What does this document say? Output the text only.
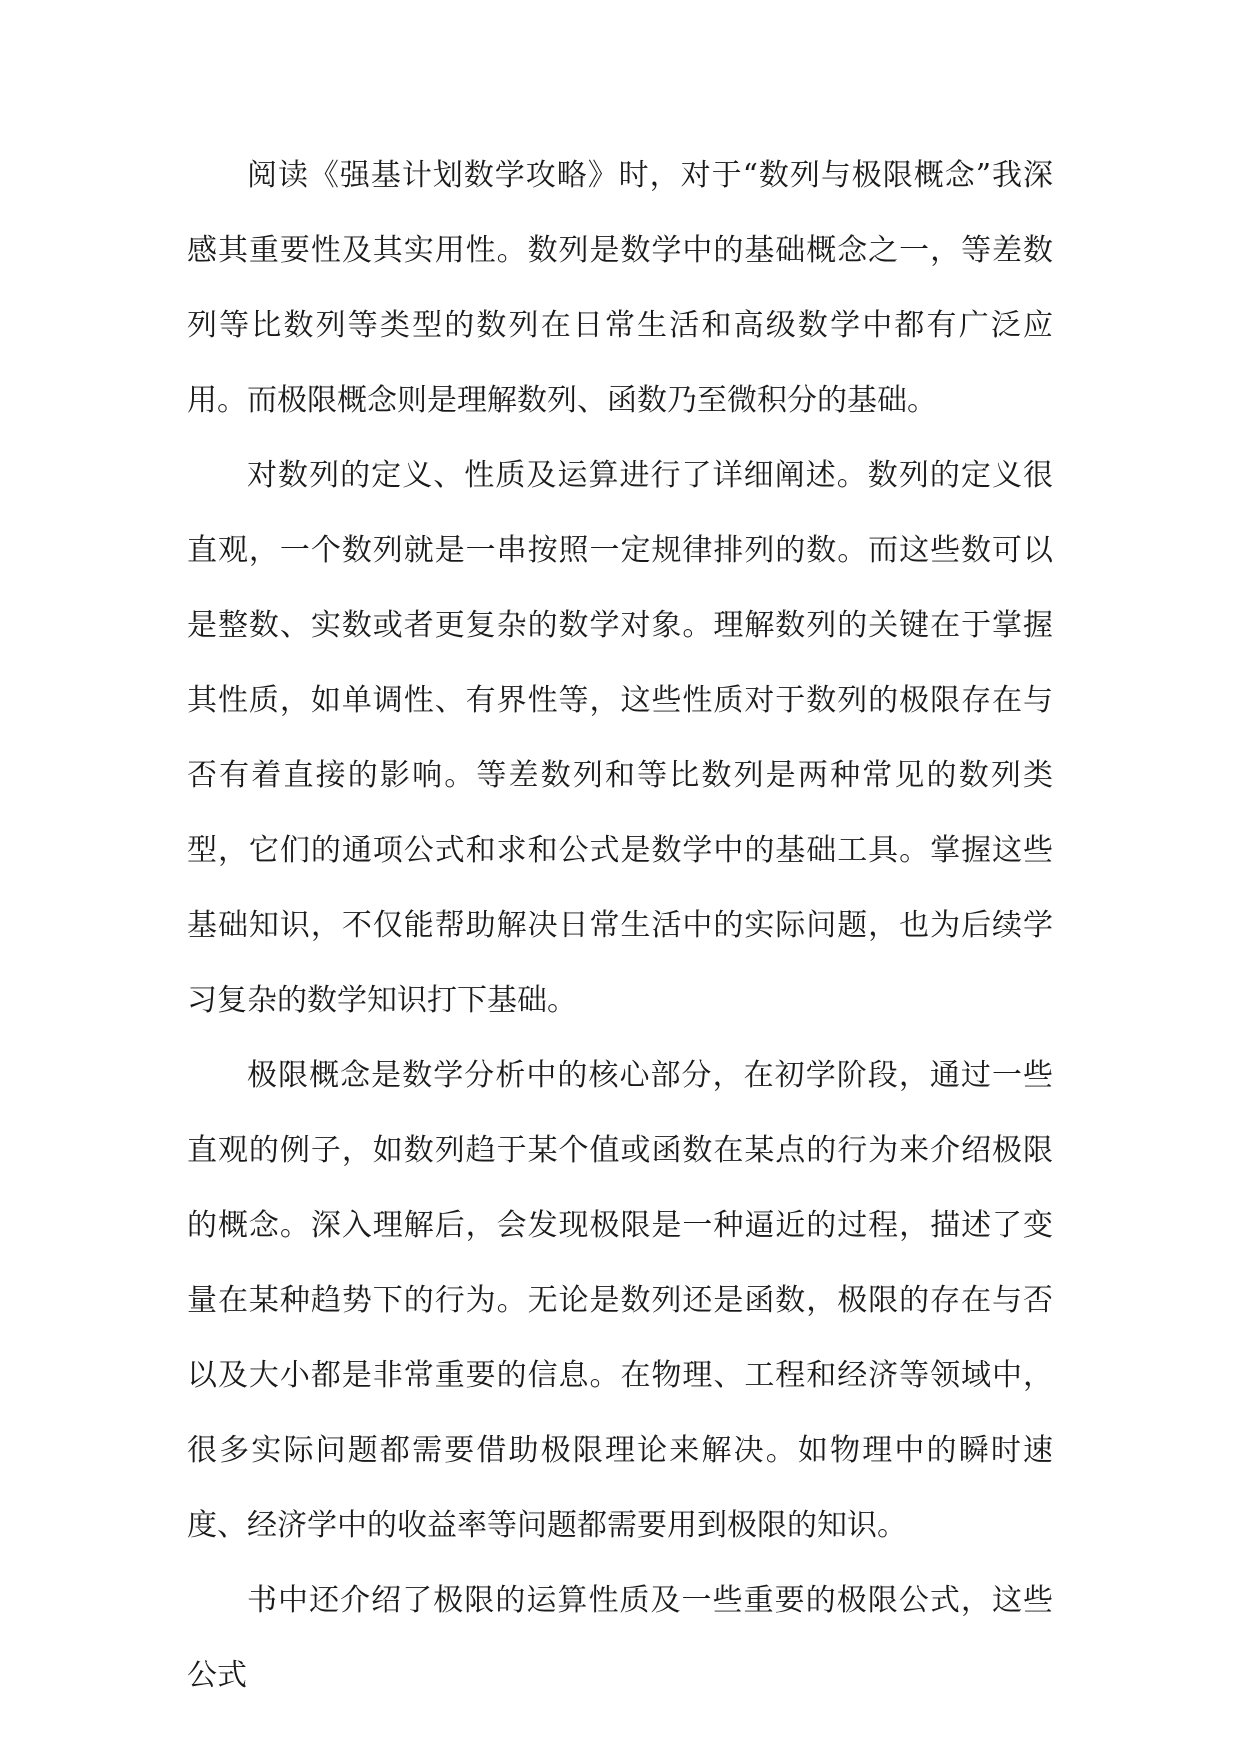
阅读《强基计划数学攻略》时，对于“数列与极限概念”我深感其重要性及其实用性。数列是数学中的基础概念之一，等差数列等比数列等类型的数列在日常生活和高级数学中都有广泛应用。而极限概念则是理解数列、函数乃至微积分的基础。

对数列的定义、性质及运算进行了详细阐述。数列的定义很直观，一个数列就是一串按照一定规律排列的数。而这些数可以是整数、实数或者更复杂的数学对象。理解数列的关键在于掌握其性质，如单调性、有界性等，这些性质对于数列的极限存在与否有着直接的影响。等差数列和等比数列是两种常见的数列类型，它们的通项公式和求和公式是数学中的基础工具。掌握这些基础知识，不仅能帮助解决日常生活中的实际问题，也为后续学习复杂的数学知识打下基础。

极限概念是数学分析中的核心部分，在初学阶段，通过一些直观的例子，如数列趋于某个值或函数在某点的行为来介绍极限的概念。深入理解后，会发现极限是一种逼近的过程，描述了变量在某种趋势下的行为。无论是数列还是函数，极限的存在与否以及大小都是非常重要的信息。在物理、工程和经济等领域中，很多实际问题都需要借助极限理论来解决。如物理中的瞬时速度、经济学中的收益率等问题都需要用到极限的知识。

书中还介绍了极限的运算性质及一些重要的极限公式，这些公式
